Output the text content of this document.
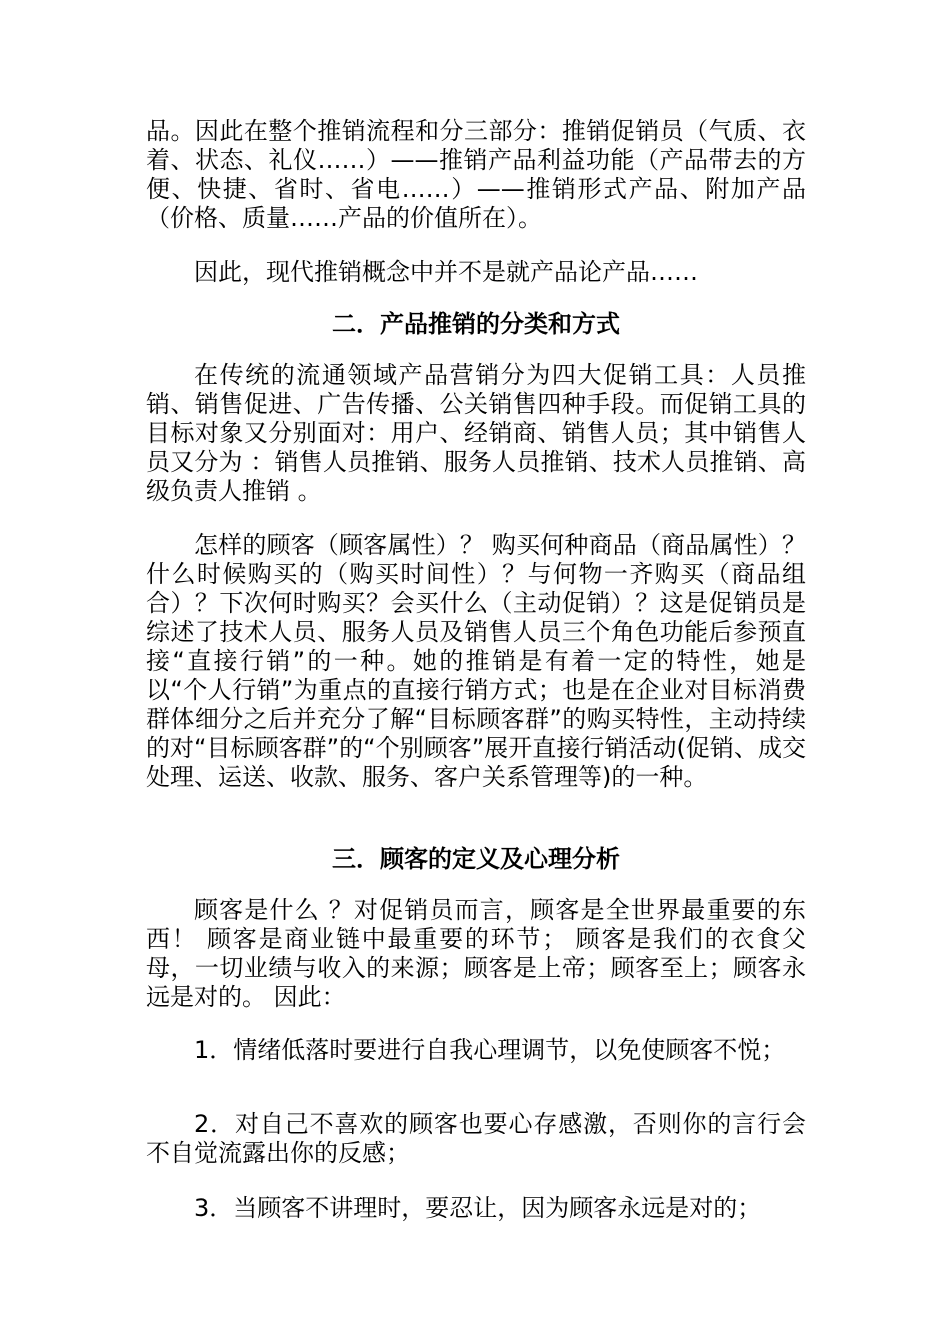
品。因此在整个推销流程和分三部分：推销促销员（气质、衣着、状态、礼仪……）——推销产品利益功能（产品带去的方便、快捷、省时、省电……）——推销形式产品、附加产品（价格、质量……产品的价值所在）。

因此，现代推销概念中并不是就产品论产品……

二．产品推销的分类和方式

在传统的流通领域产品营销分为四大促销工具：人员推销、销售促进、广告传播、公关销售四种手段。而促销工具的目标对象又分别面对：用户、经销商、销售人员；其中销售人员又分为 ：销售人员推销、服务人员推销、技术人员推销、高级负责人推销 。

怎样的顾客（顾客属性）？ 购买何种商品（商品属性）？ 什么时候购买的（购买时间性）？与何物一齐购买（商品组合）？下次何时购买？会买什么（主动促销）？这是促销员是综述了技术人员、服务人员及销售人员三个角色功能后参预直接“直接行销”的一种。她的推销是有着一定的特性，她是以“个人行销”为重点的直接行销方式；也是在企业对目标消费群体细分之后并充分了解“目标顾客群”的购买特性，主动持续的对“目标顾客群”的“个别顾客”展开直接行销活动(促销、成交处理、运送、收款、服务、客户关系管理等)的一种。

三．顾客的定义及心理分析

顾客是什么 ？对促销员而言，顾客是全世界最重要的东西！ 顾客是商业链中最重要的环节； 顾客是我们的衣食父母，一切业绩与收入的来源；顾客是上帝；顾客至上；顾客永远是对的。 因此：

1．情绪低落时要进行自我心理调节，以免使顾客不悦；

2．对自己不喜欢的顾客也要心存感激，否则你的言行会不自觉流露出你的反感；

3．当顾客不讲理时，要忍让，因为顾客永远是对的；
